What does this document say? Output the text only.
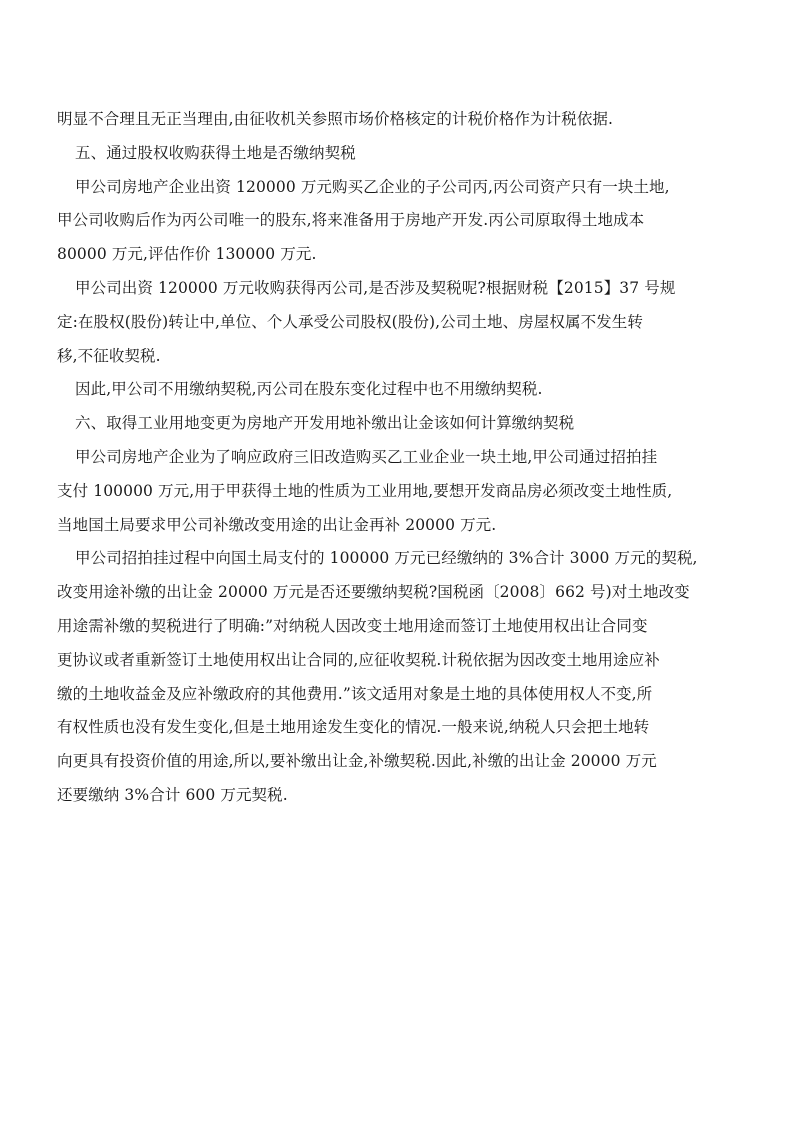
明显不合理且无正当理由,由征收机关参照市场价格核定的计税价格作为计税依据.
五、通过股权收购获得土地是否缴纳契税
甲公司房地产企业出资 120000 万元购买乙企业的子公司丙,丙公司资产只有一块土地,
甲公司收购后作为丙公司唯一的股东,将来准备用于房地产开发.丙公司原取得土地成本
80000 万元,评估作价 130000 万元.
甲公司出资 120000 万元收购获得丙公司,是否涉及契税呢?根据财税【2015】37 号规
定:在股权(股份)转让中,单位、个人承受公司股权(股份),公司土地、房屋权属不发生转
移,不征收契税.
因此,甲公司不用缴纳契税,丙公司在股东变化过程中也不用缴纳契税.
六、取得工业用地变更为房地产开发用地补缴出让金该如何计算缴纳契税
甲公司房地产企业为了响应政府三旧改造购买乙工业企业一块土地,甲公司通过招拍挂
支付 100000 万元,用于甲获得土地的性质为工业用地,要想开发商品房必须改变土地性质,
当地国土局要求甲公司补缴改变用途的出让金再补 20000 万元.
甲公司招拍挂过程中向国土局支付的 100000 万元已经缴纳的 3%合计 3000 万元的契税,
改变用途补缴的出让金 20000 万元是否还要缴纳契税?国税函〔2008〕662 号)对土地改变
用途需补缴的契税进行了明确:”对纳税人因改变土地用途而签订土地使用权出让合同变
更协议或者重新签订土地使用权出让合同的,应征收契税.计税依据为因改变土地用途应补
缴的土地收益金及应补缴政府的其他费用.”该文适用对象是土地的具体使用权人不变,所
有权性质也没有发生变化,但是土地用途发生变化的情况.一般来说,纳税人只会把土地转
向更具有投资价值的用途,所以,要补缴出让金,补缴契税.因此,补缴的出让金 20000 万元
还要缴纳 3%合计 600 万元契税.
